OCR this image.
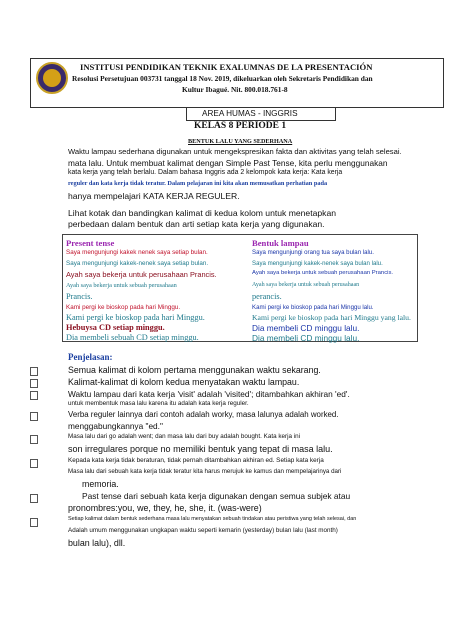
INSTITUSI PENDIDIKAN TEKNIK EXALUMNAS DE LA PRESENTACIÓN
Resolusi Persetujuan 003731 tanggal 18 Nov. 2019, dikeluarkan oleh Sekretaris Pendidikan dan
Kultur Ibagué. Nit. 800.018.761-8
AREA HUMAS - INGGRIS
KELAS 8 PERIODE 1
BENTUK LALU YANG SEDERHANA
Waktu lampau sederhana digunakan untuk mengekspresikan fakta dan aktivitas yang telah selesai.
mata lalu. Untuk membuat kalimat dengan Simple Past Tense, kita perlu menggunakan
kata kerja yang telah berlalu. Dalam bahasa Inggris ada 2 kelompok kata kerja: Kata kerja
reguler dan kata kerja tidak teratur. Dalam pelajaran ini kita akan memusatkan perhatian pada
hanya mempelajari KATA KERJA REGULER.
Lihat kotak dan bandingkan kalimat di kedua kolom untuk menetapkan
perbedaan dalam bentuk dan arti setiap kata kerja yang digunakan.
Present tense	Bentuk lampau
Saya mengunjungi kakek nenek saya setiap bulan.
Saya mengunjungi kakek-nenek saya setiap bulan.
Ayah saya bekerja untuk perusahaan Prancis.
Ayah saya bekerja untuk sebuah perusahaan
Prancis.
Kami pergi ke bioskop pada hari Minggu.
Kami pergi ke bioskop pada hari Minggu.
Hebuysa CD setiap minggu.
Dia membeli sebuah CD setiap minggu.
Saya mengunjungi orang tua saya bulan lalu.
Saya mengunjungi kakek-nenek saya bulan lalu.
Ayah saya bekerja untuk sebuah perusahaan Prancis.
Ayah saya bekerja untuk sebuah perusahaan
perancis.
Kami pergi ke bioskop pada hari Minggu lalu.
Kami pergi ke bioskop pada hari Minggu yang lalu.
Dia membeli CD minggu lalu.
Dia membeli CD minggu lalu.
Penjelasan:
Semua kalimat di kolom pertama menggunakan waktu sekarang.
Kalimat-kalimat di kolom kedua menyatakan waktu lampau.
Waktu lampau dari kata kerja 'visit' adalah 'visited'; ditambahkan akhiran 'ed'.
untuk membentuk masa lalu karena itu adalah kata kerja reguler.
Verba reguler lainnya dari contoh adalah worky, masa lalunya adalah worked.
menggabungkannya "ed."
Masa lalu dari go adalah went; dan masa lalu dari buy adalah bought. Kata kerja ini
son irregulares porque no memiliki bentuk yang tepat di masa lalu.
Kepada kata kerja tidak beraturan, tidak pernah ditambahkan akhiran ed. Setiap kata kerja
Masa lalu dari sebuah kata kerja tidak teratur kita harus merujuk ke kamus dan mempelajarinya dari
memoria.
Past tense dari sebuah kata kerja digunakan dengan semua subjek atau
pronombres:you, we, they, he, she, it. (was-were)
Setiap kalimat dalam bentuk sederhana masa lalu menyatakan sebuah tindakan atau peristiwa yang telah selesai, dan
Adalah umum menggunakan ungkapan waktu seperti kemarin (yesterday) bulan lalu (last month)
bulan lalu), dll.
